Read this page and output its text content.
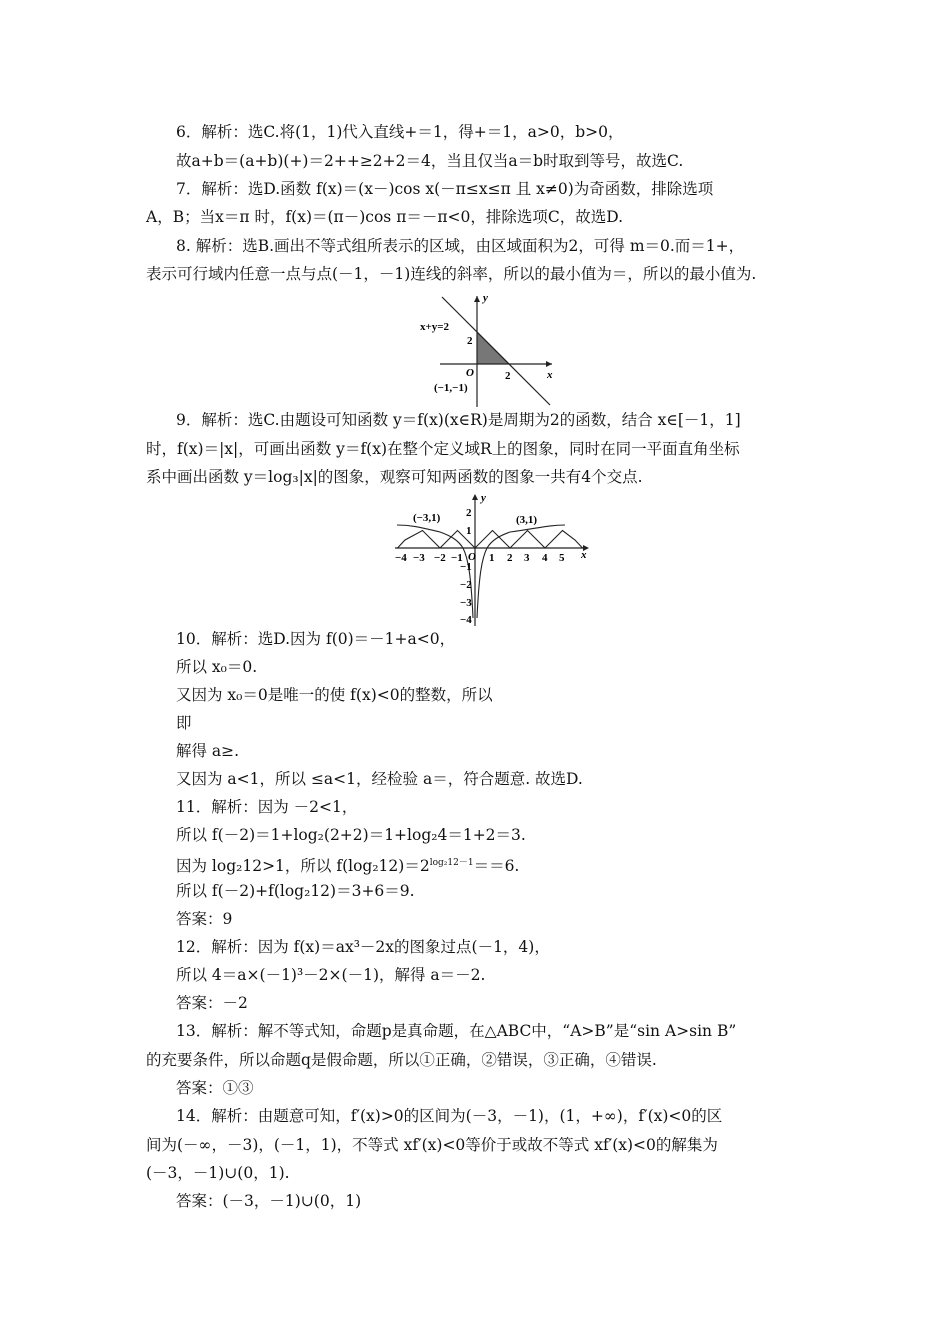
6．解析：选C.将(1，1)代入直线+＝1，得+＝1，a>0，b>0，
故a+b＝(a+b)(+)＝2++≥2+2＝4，当且仅当a＝b时取到等号，故选C.
7．解析：选D.函数 f(x)＝(x－)cos x(－π≤x≤π 且 x≠0)为奇函数，排除选项
A，B；当x＝π 时，f(x)＝(π－)cos π＝－π<0，排除选项C，故选D.
8. 解析：选B.画出不等式组所表示的区域，由区域面积为2，可得 m＝0.而＝1+，
表示可行域内任意一点与点(－1，－1)连线的斜率，所以的最小值为＝，所以的最小值为.
y
x
x+y=2
2
O	2
(−1,−1)
9．解析：选C.由题设可知函数 y＝f(x)(x∈R)是周期为2的函数，结合 x∈[－1，1]
时，f(x)＝|x|，可画出函数 y＝f(x)在整个定义域R上的图象，同时在同一平面直角坐标
系中画出函数 y＝log₃|x|的图象，观察可知两函数的图象一共有4个交点.
y
x
(−3,1)	(3,1)
O
−4 −3 −2 −1 1 2 3 4 5
2
1
−1
−2
−3
−4
10．解析：选D.因为 f(0)＝－1+a<0，
所以 x₀＝0.
又因为 x₀＝0是唯一的使 f(x)<0的整数，所以
即
解得 a≥.
又因为 a<1，所以 ≤a<1，经检验 a＝，符合题意. 故选D.
11．解析：因为 －2<1，
所以 f(－2)＝1+log₂(2+2)＝1+log₂4＝1+2＝3.
因为 log₂12>1，所以 $f(\log_212)=2^{log_212-1}==6$.
所以 f(－2)+f(log₂12)＝3+6＝9.
答案：9
12．解析：因为 f(x)＝ax³－2x的图象过点(－1，4)，
所以 4＝a×(－1)³－2×(－1)，解得 a＝－2.
答案：－2
13．解析：解不等式知，命题p是真命题，在△ABC中，“A>B”是“sin A>sin B”
的充要条件，所以命题q是假命题，所以①正确，②错误，③正确，④错误.
答案：①③
14．解析：由题意可知，f′(x)>0的区间为(－3，－1)，(1，+∞)，f′(x)<0的区
间为(－∞，－3)，(－1，1)，不等式 xf′(x)<0等价于或故不等式 xf′(x)<0的解集为
(－3，－1)∪(0，1).
答案：(－3，－1)∪(0，1)
